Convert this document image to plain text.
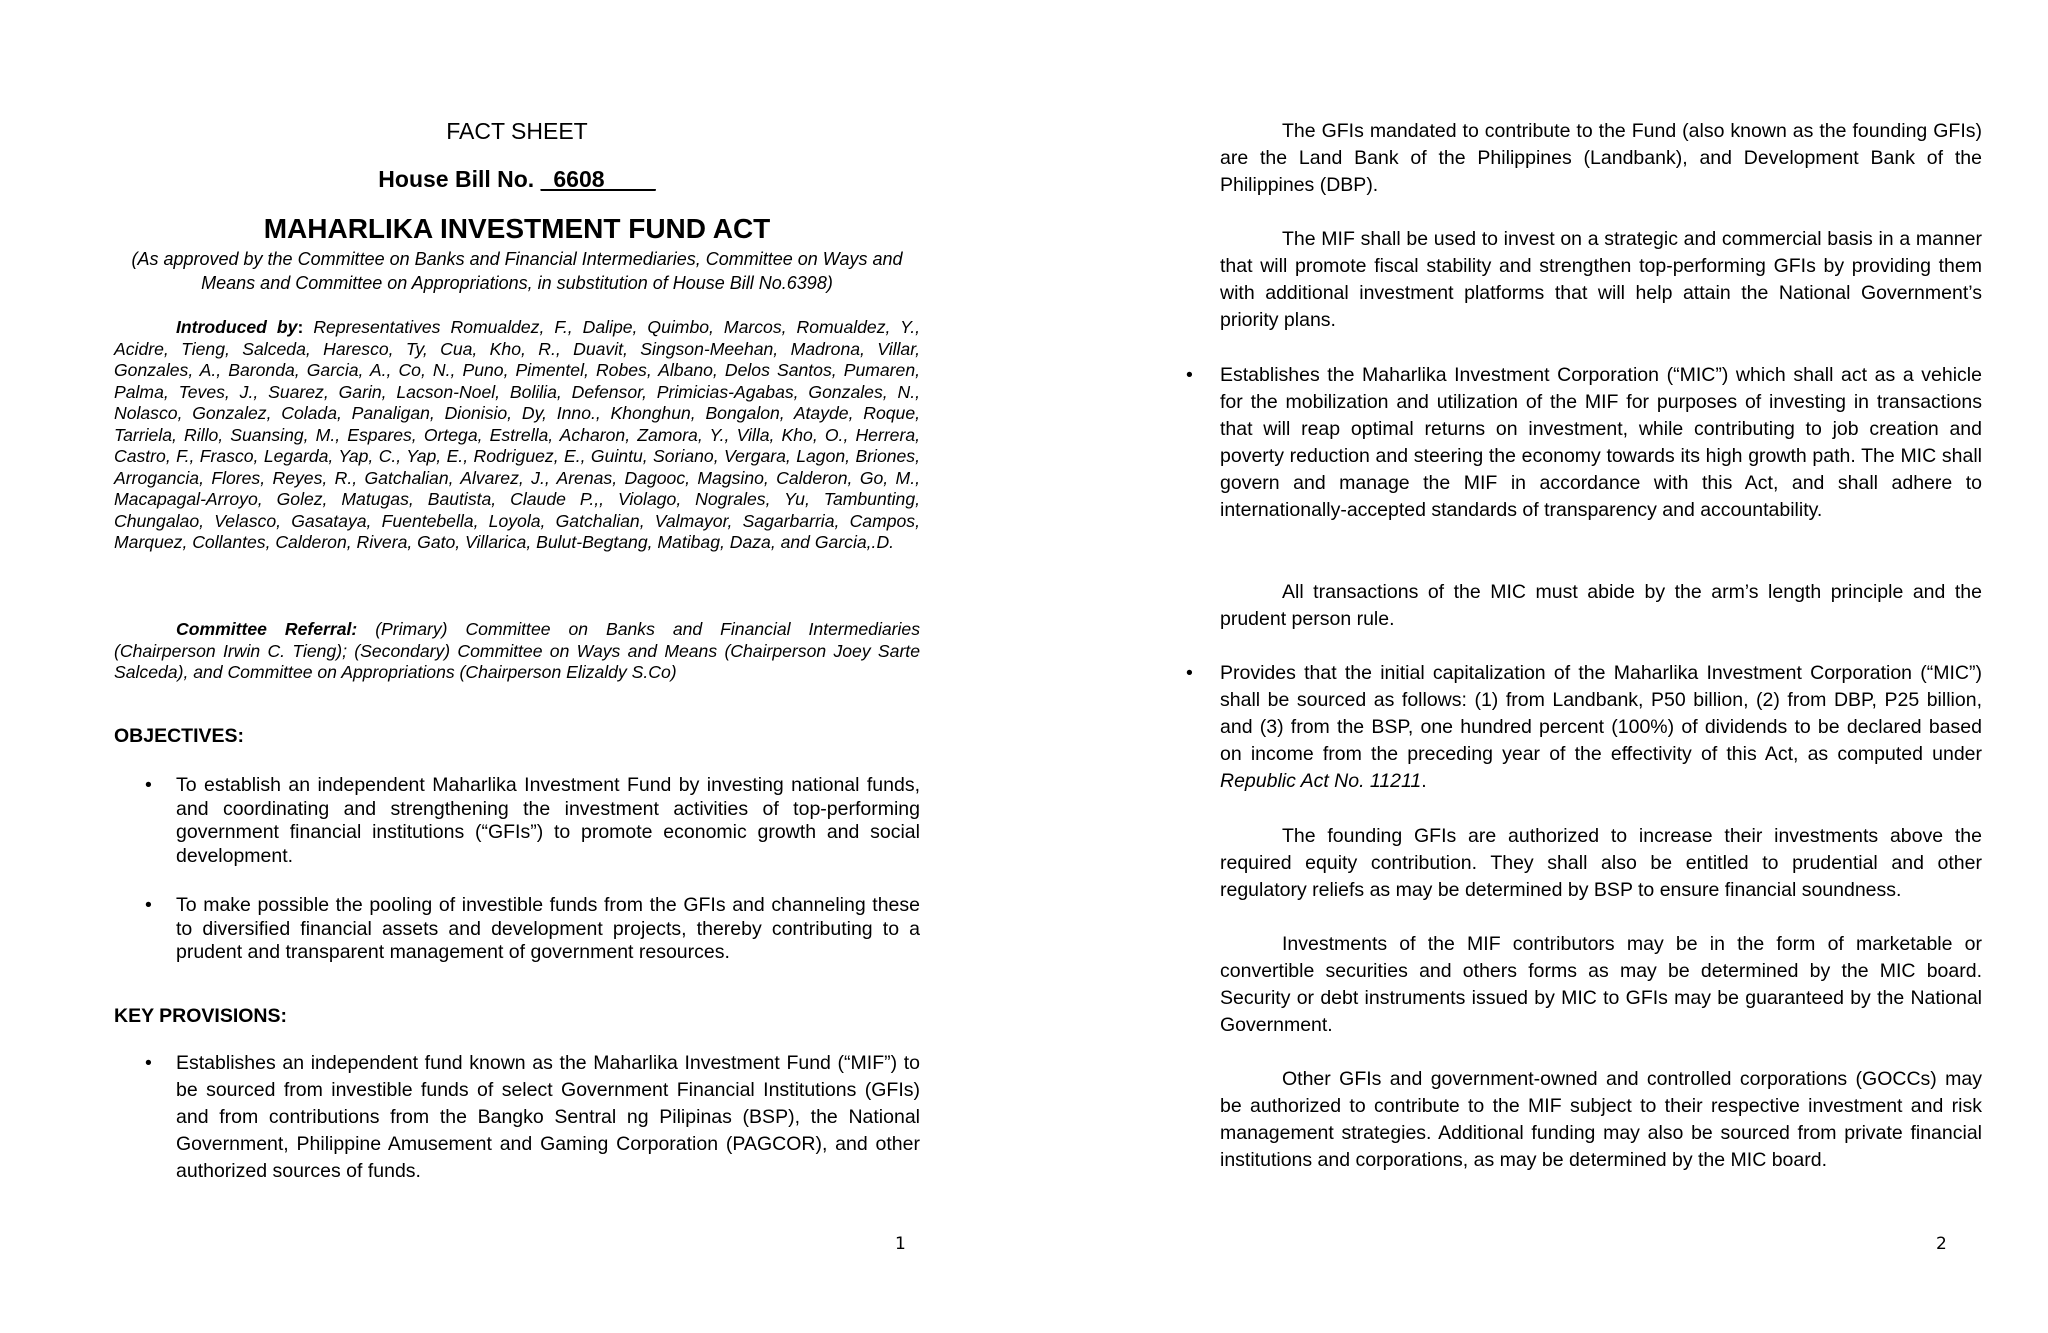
FACT SHEET
House Bill No. _6608____
MAHARLIKA INVESTMENT FUND ACT
(As approved by the Committee on Banks and Financial Intermediaries, Committee on Ways and Means and Committee on Appropriations, in substitution of House Bill No.6398)
Introduced by: Representatives Romualdez, F., Dalipe, Quimbo, Marcos, Romualdez, Y., Acidre, Tieng, Salceda, Haresco, Ty, Cua, Kho, R., Duavit, Singson-Meehan, Madrona, Villar, Gonzales, A., Baronda, Garcia, A., Co, N., Puno, Pimentel, Robes, Albano, Delos Santos, Pumaren, Palma, Teves, J., Suarez, Garin, Lacson-Noel, Bolilia, Defensor, Primicias-Agabas, Gonzales, N., Nolasco, Gonzalez, Colada, Panaligan, Dionisio, Dy, Inno., Khonghun, Bongalon, Atayde, Roque, Tarriela, Rillo, Suansing, M., Espares, Ortega, Estrella, Acharon, Zamora, Y., Villa, Kho, O., Herrera, Castro, F., Frasco, Legarda, Yap, C., Yap, E., Rodriguez, E., Guintu, Soriano, Vergara, Lagon, Briones, Arrogancia, Flores, Reyes, R., Gatchalian, Alvarez, J., Arenas, Dagooc, Magsino, Calderon, Go, M., Macapagal-Arroyo, Golez, Matugas, Bautista, Claude P.,, Violago, Nograles, Yu, Tambunting, Chungalao, Velasco, Gasataya, Fuentebella, Loyola, Gatchalian, Valmayor, Sagarbarria, Campos, Marquez, Collantes, Calderon, Rivera, Gato, Villarica, Bulut-Begtang, Matibag, Daza, and Garcia,.D.
Committee Referral: (Primary) Committee on Banks and Financial Intermediaries (Chairperson Irwin C. Tieng); (Secondary) Committee on Ways and Means (Chairperson Joey Sarte Salceda), and Committee on Appropriations (Chairperson Elizaldy S.Co)
OBJECTIVES:
• To establish an independent Maharlika Investment Fund by investing national funds, and coordinating and strengthening the investment activities of top-performing government financial institutions (“GFIs”) to promote economic growth and social development.
• To make possible the pooling of investible funds from the GFIs and channeling these to diversified financial assets and development projects, thereby contributing to a prudent and transparent management of government resources.
KEY PROVISIONS:
• Establishes an independent fund known as the Maharlika Investment Fund (“MIF”) to be sourced from investible funds of select Government Financial Institutions (GFIs) and from contributions from the Bangko Sentral ng Pilipinas (BSP), the National Government, Philippine Amusement and Gaming Corporation (PAGCOR), and other authorized sources of funds.
1
The GFIs mandated to contribute to the Fund (also known as the founding GFIs) are the Land Bank of the Philippines (Landbank), and Development Bank of the Philippines (DBP).
The MIF shall be used to invest on a strategic and commercial basis in a manner that will promote fiscal stability and strengthen top-performing GFIs by providing them with additional investment platforms that will help attain the National Government’s priority plans.
• Establishes the Maharlika Investment Corporation (“MIC”) which shall act as a vehicle for the mobilization and utilization of the MIF for purposes of investing in transactions that will reap optimal returns on investment, while contributing to job creation and poverty reduction and steering the economy towards its high growth path. The MIC shall govern and manage the MIF in accordance with this Act, and shall adhere to internationally-accepted standards of transparency and accountability.
All transactions of the MIC must abide by the arm’s length principle and the prudent person rule.
• Provides that the initial capitalization of the Maharlika Investment Corporation (“MIC”) shall be sourced as follows: (1) from Landbank, P50 billion, (2) from DBP, P25 billion, and (3) from the BSP, one hundred percent (100%) of dividends to be declared based on income from the preceding year of the effectivity of this Act, as computed under Republic Act No. 11211.
The founding GFIs are authorized to increase their investments above the required equity contribution. They shall also be entitled to prudential and other regulatory reliefs as may be determined by BSP to ensure financial soundness.
Investments of the MIF contributors may be in the form of marketable or convertible securities and others forms as may be determined by the MIC board. Security or debt instruments issued by MIC to GFIs may be guaranteed by the National Government.
Other GFIs and government-owned and controlled corporations (GOCCs) may be authorized to contribute to the MIF subject to their respective investment and risk management strategies. Additional funding may also be sourced from private financial institutions and corporations, as may be determined by the MIC board.
2
